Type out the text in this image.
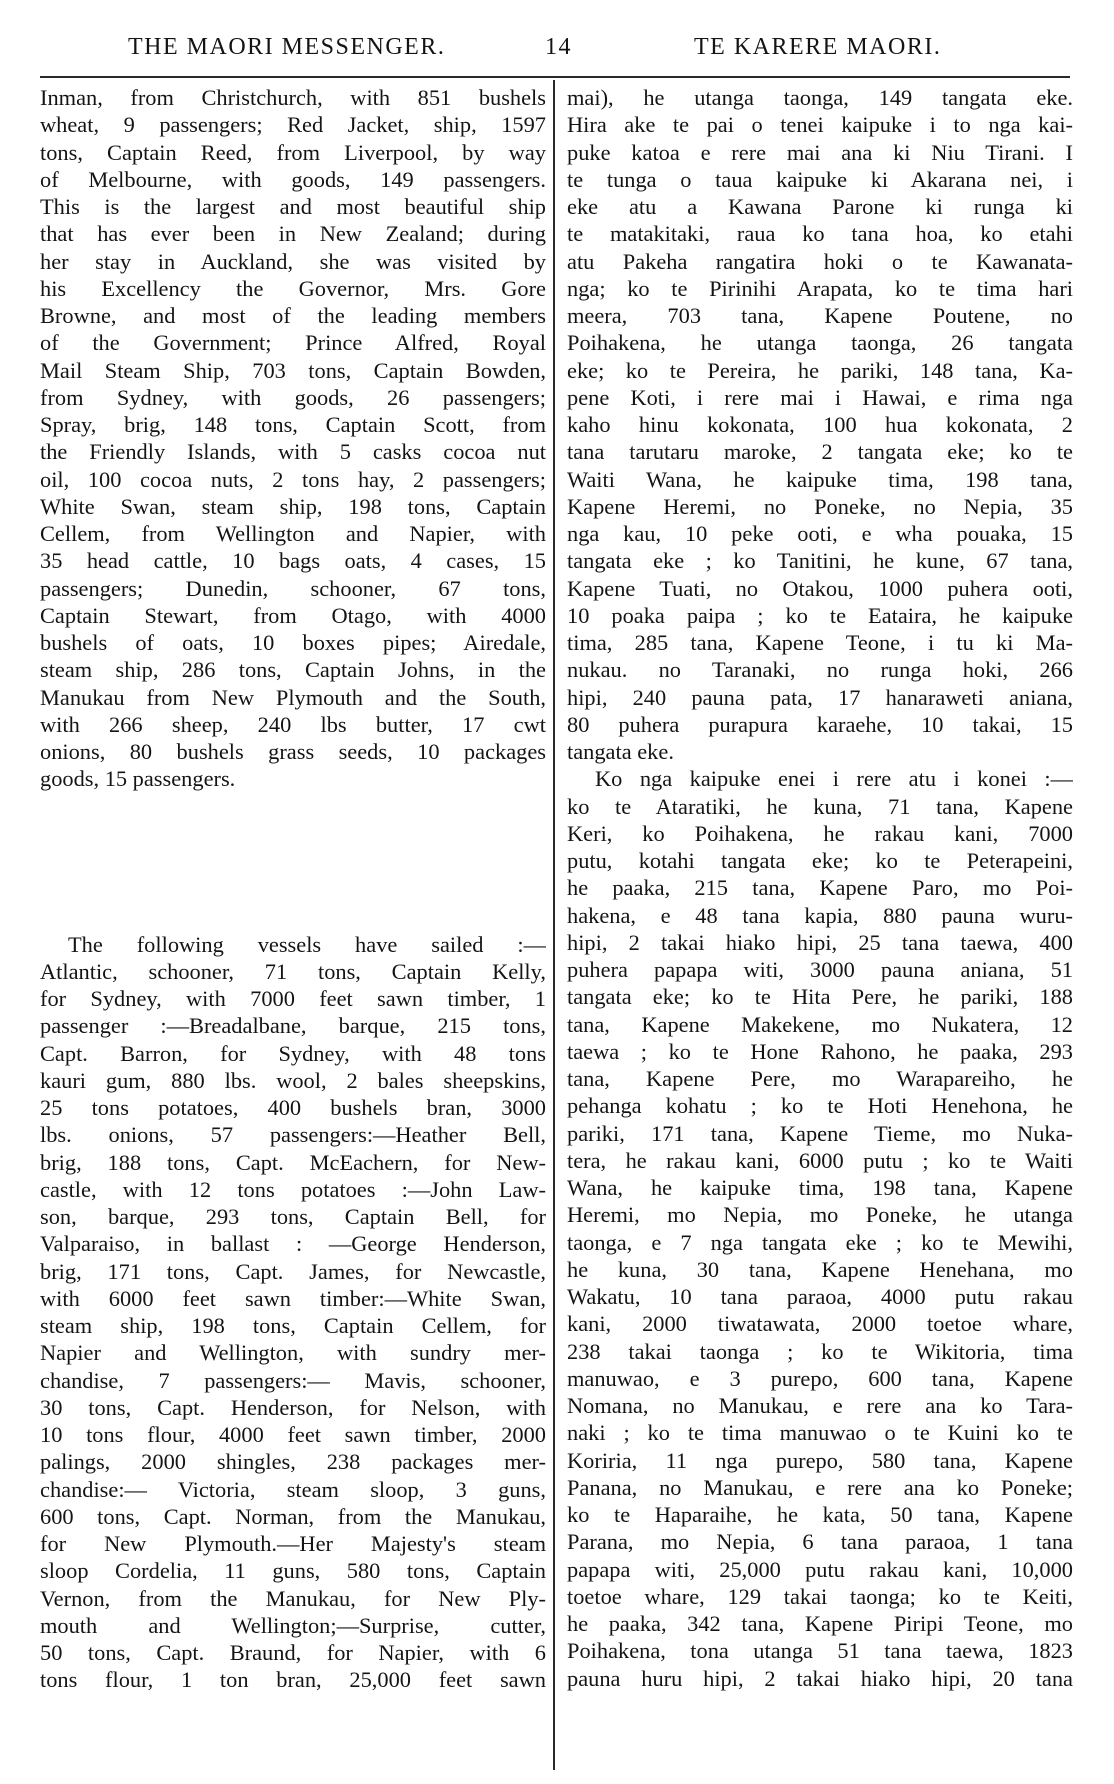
THE MAORI MESSENGER.	14	TE KARERE MAORI.
Inman, from Christchurch, with 851 bushels
wheat, 9 passengers; Red Jacket, ship, 1597
tons, Captain Reed, from Liverpool, by way
of Melbourne, with goods, 149 passengers.
This is the largest and most beautiful ship
that has ever been in New Zealand; during
her stay in Auckland, she was visited by
his Excellency the Governor, Mrs. Gore
Browne, and most of the leading members
of the Government; Prince Alfred, Royal
Mail Steam Ship, 703 tons, Captain Bowden,
from Sydney, with goods, 26 passengers;
Spray, brig, 148 tons, Captain Scott, from
the Friendly Islands, with 5 casks cocoa nut
oil, 100 cocoa nuts, 2 tons hay, 2 passengers;
White Swan, steam ship, 198 tons, Captain
Cellem, from Wellington and Napier, with
35 head cattle, 10 bags oats, 4 cases, 15
passengers; Dunedin, schooner, 67 tons,
Captain Stewart, from Otago, with 4000
bushels of oats, 10 boxes pipes; Airedale,
steam ship, 286 tons, Captain Johns, in the
Manukau from New Plymouth and the South,
with 266 sheep, 240 lbs butter, 17 cwt
onions, 80 bushels grass seeds, 10 packages
goods, 15 passengers.
The following vessels have sailed :—
Atlantic, schooner, 71 tons, Captain Kelly,
for Sydney, with 7000 feet sawn timber, 1
passenger :—Breadalbane, barque, 215 tons,
Capt. Barron, for Sydney, with 48 tons
kauri gum, 880 lbs. wool, 2 bales sheepskins,
25 tons potatoes, 400 bushels bran, 3000
lbs. onions, 57 passengers:—Heather Bell,
brig, 188 tons, Capt. McEachern, for New-
castle, with 12 tons potatoes :—John Law-
son, barque, 293 tons, Captain Bell, for
Valparaiso, in ballast : —George Henderson,
brig, 171 tons, Capt. James, for Newcastle,
with 6000 feet sawn timber:—White Swan,
steam ship, 198 tons, Captain Cellem, for
Napier and Wellington, with sundry mer-
chandise, 7 passengers:— Mavis, schooner,
30 tons, Capt. Henderson, for Nelson, with
10 tons flour, 4000 feet sawn timber, 2000
palings, 2000 shingles, 238 packages mer-
chandise:— Victoria, steam sloop, 3 guns,
600 tons, Capt. Norman, from the Manukau,
for New Plymouth.—Her Majesty's steam
sloop Cordelia, 11 guns, 580 tons, Captain
Vernon, from the Manukau, for New Ply-
mouth and Wellington;—Surprise, cutter,
50 tons, Capt. Braund, for Napier, with 6
tons flour, 1 ton bran, 25,000 feet sawn
mai), he utanga taonga, 149 tangata eke.
Hira ake te pai o tenei kaipuke i to nga kai-
puke katoa e rere mai ana ki Niu Tirani. I
te tunga o taua kaipuke ki Akarana nei, i
eke atu a Kawana Parone ki runga ki
te matakitaki, raua ko tana hoa, ko etahi
atu Pakeha rangatira hoki o te Kawanata-
nga; ko te Pirinihi Arapata, ko te tima hari
meera, 703 tana, Kapene Poutene, no
Poihakena, he utanga taonga, 26 tangata
eke; ko te Pereira, he pariki, 148 tana, Ka-
pene Koti, i rere mai i Hawai, e rima nga
kaho hinu kokonata, 100 hua kokonata, 2
tana tarutaru maroke, 2 tangata eke; ko te
Waiti Wana, he kaipuke tima, 198 tana,
Kapene Heremi, no Poneke, no Nepia, 35
nga kau, 10 peke ooti, e wha pouaka, 15
tangata eke ; ko Tanitini, he kune, 67 tana,
Kapene Tuati, no Otakou, 1000 puhera ooti,
10 poaka paipa ; ko te Eataira, he kaipuke
tima, 285 tana, Kapene Teone, i tu ki Ma-
nukau. no Taranaki, no runga hoki, 266
hipi, 240 pauna pata, 17 hanaraweti aniana,
80 puhera purapura karaehe, 10 takai, 15
tangata eke.
Ko nga kaipuke enei i rere atu i konei :—
ko te Ataratiki, he kuna, 71 tana, Kapene
Keri, ko Poihakena, he rakau kani, 7000
putu, kotahi tangata eke; ko te Peterapeini,
he paaka, 215 tana, Kapene Paro, mo Poi-
hakena, e 48 tana kapia, 880 pauna wuru-
hipi, 2 takai hiako hipi, 25 tana taewa, 400
puhera papapa witi, 3000 pauna aniana, 51
tangata eke; ko te Hita Pere, he pariki, 188
tana, Kapene Makekene, mo Nukatera, 12
taewa ; ko te Hone Rahono, he paaka, 293
tana, Kapene Pere, mo Warapareiho, he
pehanga kohatu ; ko te Hoti Henehona, he
pariki, 171 tana, Kapene Tieme, mo Nuka-
tera, he rakau kani, 6000 putu ; ko te Waiti
Wana, he kaipuke tima, 198 tana, Kapene
Heremi, mo Nepia, mo Poneke, he utanga
taonga, e 7 nga tangata eke ; ko te Mewihi,
he kuna, 30 tana, Kapene Henehana, mo
Wakatu, 10 tana paraoa, 4000 putu rakau
kani, 2000 tiwatawata, 2000 toetoe whare,
238 takai taonga ; ko te Wikitoria, tima
manuwao, e 3 purepo, 600 tana, Kapene
Nomana, no Manukau, e rere ana ko Tara-
naki ; ko te tima manuwao o te Kuini ko te
Koriria, 11 nga purepo, 580 tana, Kapene
Panana, no Manukau, e rere ana ko Poneke;
ko te Haparaihe, he kata, 50 tana, Kapene
Parana, mo Nepia, 6 tana paraoa, 1 tana
papapa witi, 25,000 putu rakau kani, 10,000
toetoe whare, 129 takai taonga; ko te Keiti,
he paaka, 342 tana, Kapene Piripi Teone, mo
Poihakena, tona utanga 51 tana taewa, 1823
pauna huru hipi, 2 takai hiako hipi, 20 tana
